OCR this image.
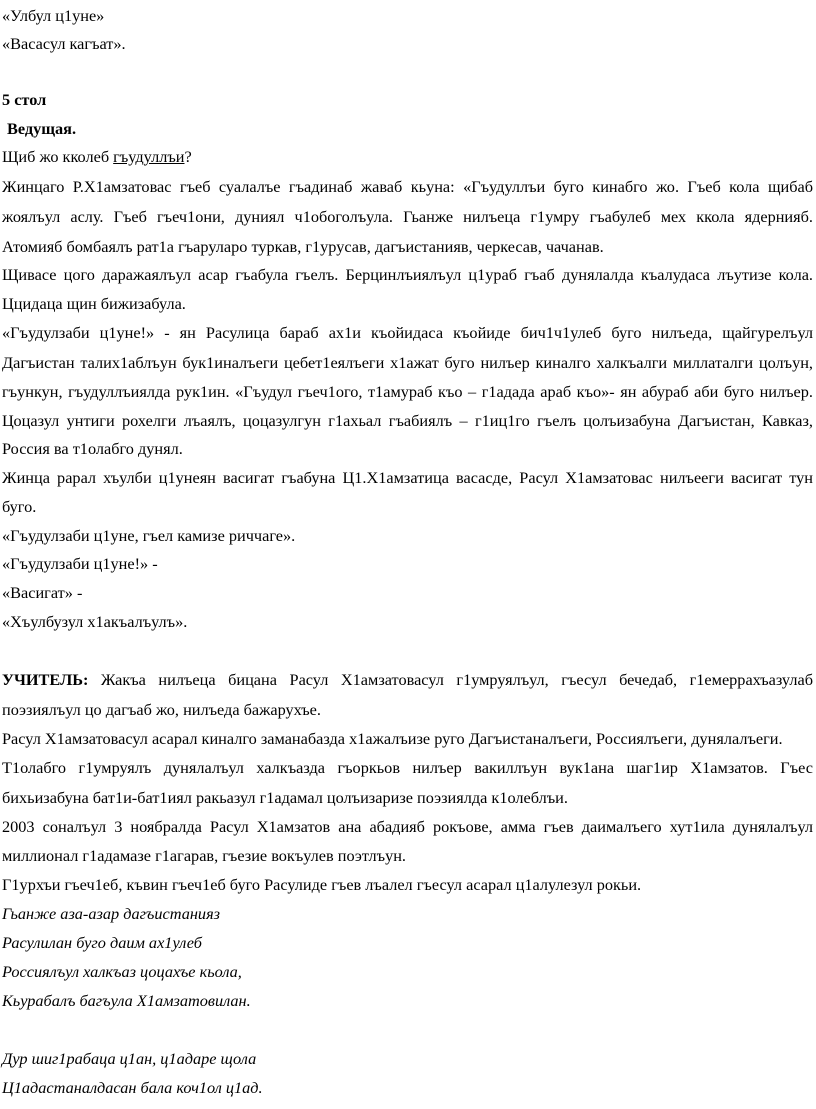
«Улбул ц1уне»
«Васасул кагъат».
5 стол
Ведущая.
Щиб жо кколеб гъудуллъи?
Жинцаго Р.Х1амзатовас гъеб суалалъе гъадинаб жаваб кьуна: «Гъудуллъи буго кинабго жо. Гъеб кола щибаб
жоялъул аслу. Гъеб гъеч1они, дуниял ч1обоголъула. Гьанже нилъеца г1умру гъабулеб мех ккола ядернияб.
Атомияб бомбаялъ рат1а гъаруларо туркав, г1урусав, дагъистанияв, черкесав, чачанав.
Щивасе цого даражаялъул асар гъабула гъелъ. Берцинлъиялъул ц1ураб гъаб дунялалда къалудаса лъутизе кола.
Ццидаца щин бижизабула.
«Гъудулзаби ц1уне!» - ян Расулица бараб ах1и къойидаса къойиде бич1ч1улеб буго нилъеда, щайгурелъул
Дагъистан талих1аблъун бук1иналъеги цебет1еялъеги х1ажат буго нилъер киналго халкъалги миллаталги цолъун,
гъункун, гъудуллъиялда рук1ин. «Гъудул гъеч1ого, т1амураб къо – г1адада араб къо»- ян абураб аби буго нилъер.
Цоцазул унтиги рохелги лъаялъ, цоцазулгун г1ахьал гъабиялъ – г1иц1го гъелъ цолъизабуна Дагъистан, Кавказ,
Россия ва т1олабго дунял.
Жинца рарал хъулби ц1унеян васигат гъабуна Ц1.Х1амзатица васасде, Расул Х1амзатовас нилъееги васигат тун
буго.
«Гъудулзаби ц1уне, гъел камизе риччаге».
«Гъудулзаби ц1уне!» -
«Васигат» -
«Хъулбузул х1акъалъулъ».
УЧИТЕЛЬ: Жакъа нилъеца бицана Расул Х1амзатовасул г1умруялъул, гъесул бечедаб, г1емеррахъазулаб
поэзиялъул цо дагъаб жо, нилъеда бажарухъе.
Расул Х1амзатовасул асарал киналго заманабазда х1ажалъизе руго Дагъистаналъеги, Россиялъеги, дунялалъеги.
Т1олабго г1умруялъ дунялалъул халкъазда гъоркьов нилъер вакиллъун вук1ана шаг1ир Х1амзатов. Гъес
бихьизабуна бат1и-бат1иял ракьазул г1адамал цолъизаризе поэзиялда к1олеблъи.
2003 соналъул 3 ноябралда Расул Х1амзатов ана абадияб рокъове, амма гъев даималъего хут1ила дунялалъул
миллионал г1адамазе г1агарав, гъезие вокъулев поэтлъун.
Г1урхъи гъеч1еб, къвин гъеч1еб буго Расулиде гъев лъалел гъесул асарал ц1алулезул рокьи.
Гьанже аза-азар дагъистанияз
Расулилан буго даим ах1улеб
Россиялъул халкъаз цоцахъе кьола,
Кьурабалъ багъула Х1амзатовилан.
Дур шиг1рабаца ц1ан, ц1адаре щола
Ц1адастаналдасан бала коч1ол ц1ад.
